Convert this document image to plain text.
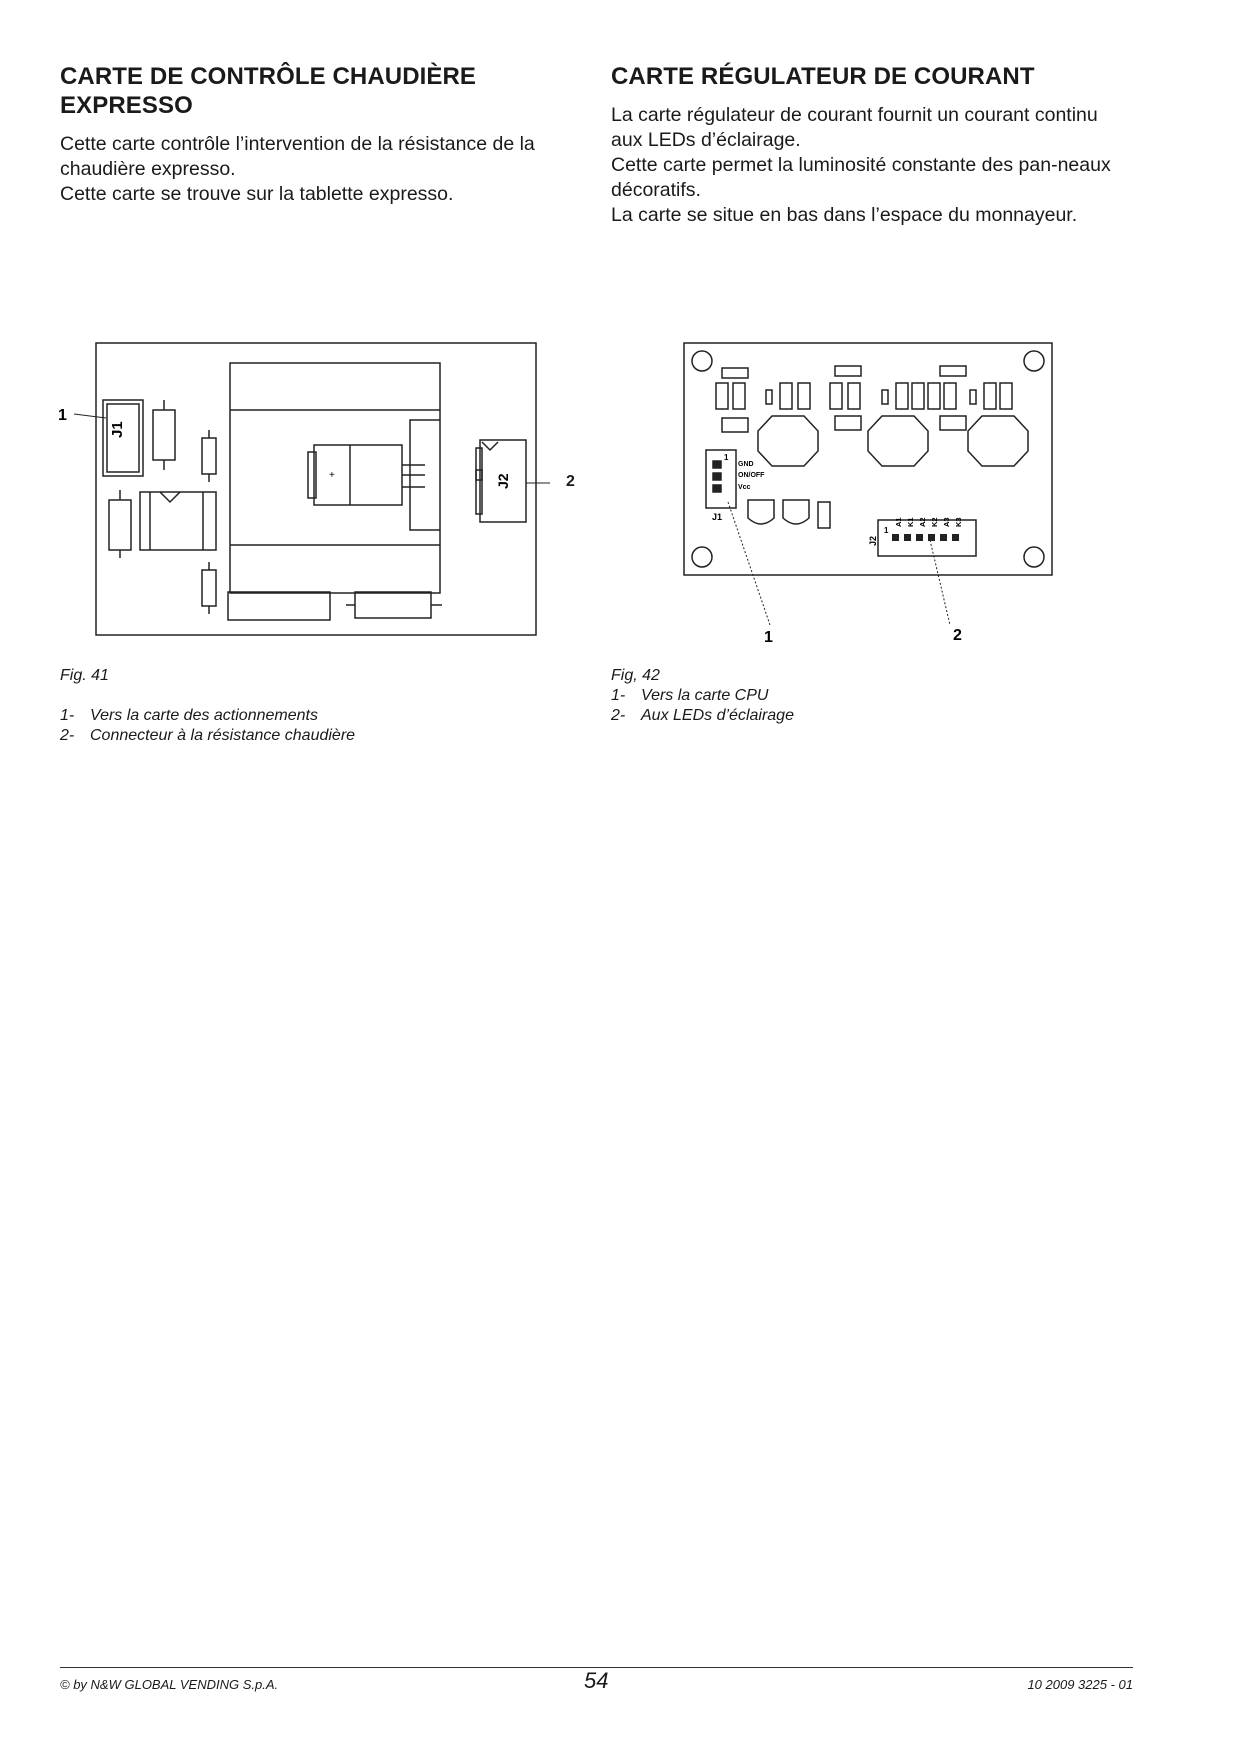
CARTE DE CONTRÔLE CHAUDIÈRE EXPRESSO

Cette carte contrôle l’intervention de la résistance de la chaudière expresso.

Cette carte se trouve sur la tablette expresso.

CARTE RÉGULATEUR DE COURANT

La carte régulateur de courant fournit un courant continu aux LEDs d’éclairage.

Cette carte permet la luminosité constante des pan-neaux décoratifs.

La carte se situe en bas dans l’espace du monnayeur.

J1
J2
+
1
2
1
GND
ON/OFF
Vcc
J1
J2
1
A1 K1 A2 K2 A3 K3
1	2

Fig. 41

1- Vers la carte des actionnements

2- Connecteur à la résistance chaudière

Fig, 42

1- Vers la carte CPU

2- Aux LEDs d’éclairage

© by N&W GLOBAL VENDING S.p.A.	54	10 2009 3225 - 01
